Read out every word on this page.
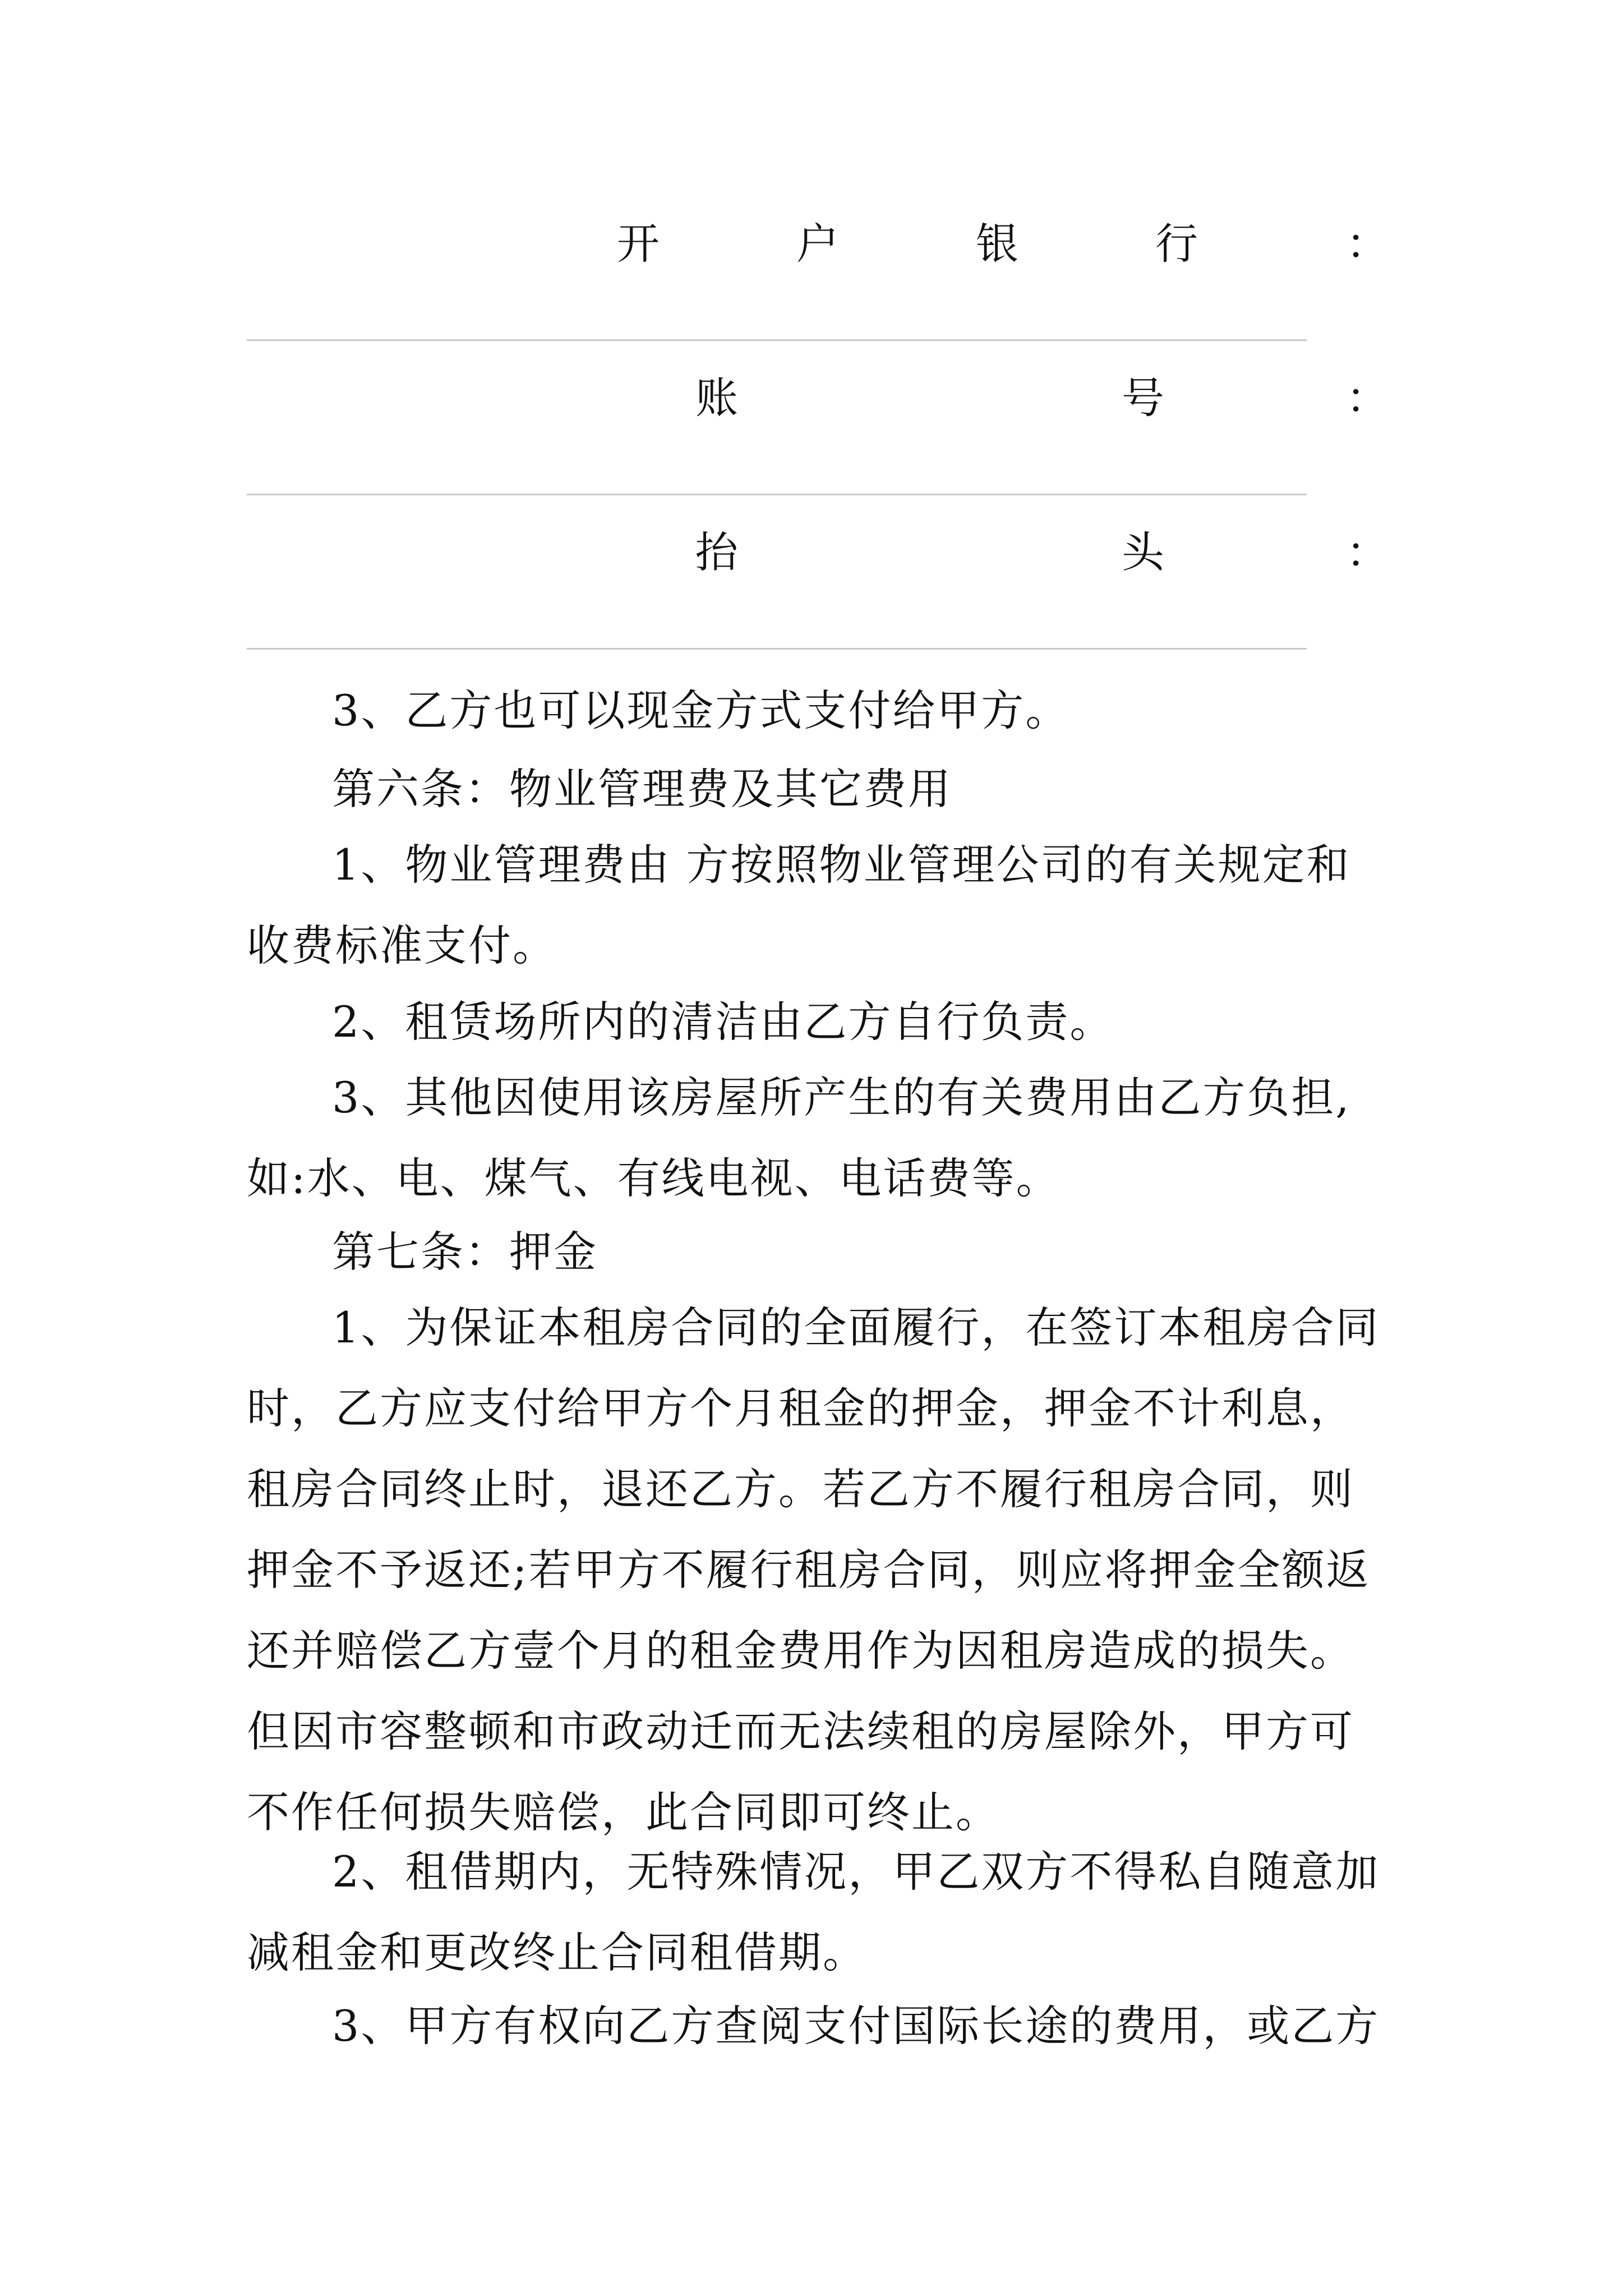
开	户	银	行	：
账	号	：
抬	头	：

3、乙方也可以现金方式支付给甲方。

第六条：物业管理费及其它费用

1、物业管理费由 方按照物业管理公司的有关规定和收费标准支付。

2、租赁场所内的清洁由乙方自行负责。

3、其他因使用该房屋所产生的有关费用由乙方负担,如:水、电、煤气、有线电视、电话费等。

第七条：押金

1、为保证本租房合同的全面履行，在签订本租房合同时，乙方应支付给甲方个月租金的押金，押金不计利息，租房合同终止时，退还乙方。若乙方不履行租房合同，则押金不予返还;若甲方不履行租房合同，则应将押金全额返还并赔偿乙方壹个月的租金费用作为因租房造成的损失。但因市容整顿和市政动迁而无法续租的房屋除外，甲方可不作任何损失赔偿，此合同即可终止。

2、租借期内，无特殊情况，甲乙双方不得私自随意加减租金和更改终止合同租借期。

3、甲方有权向乙方查阅支付国际长途的费用，或乙方
